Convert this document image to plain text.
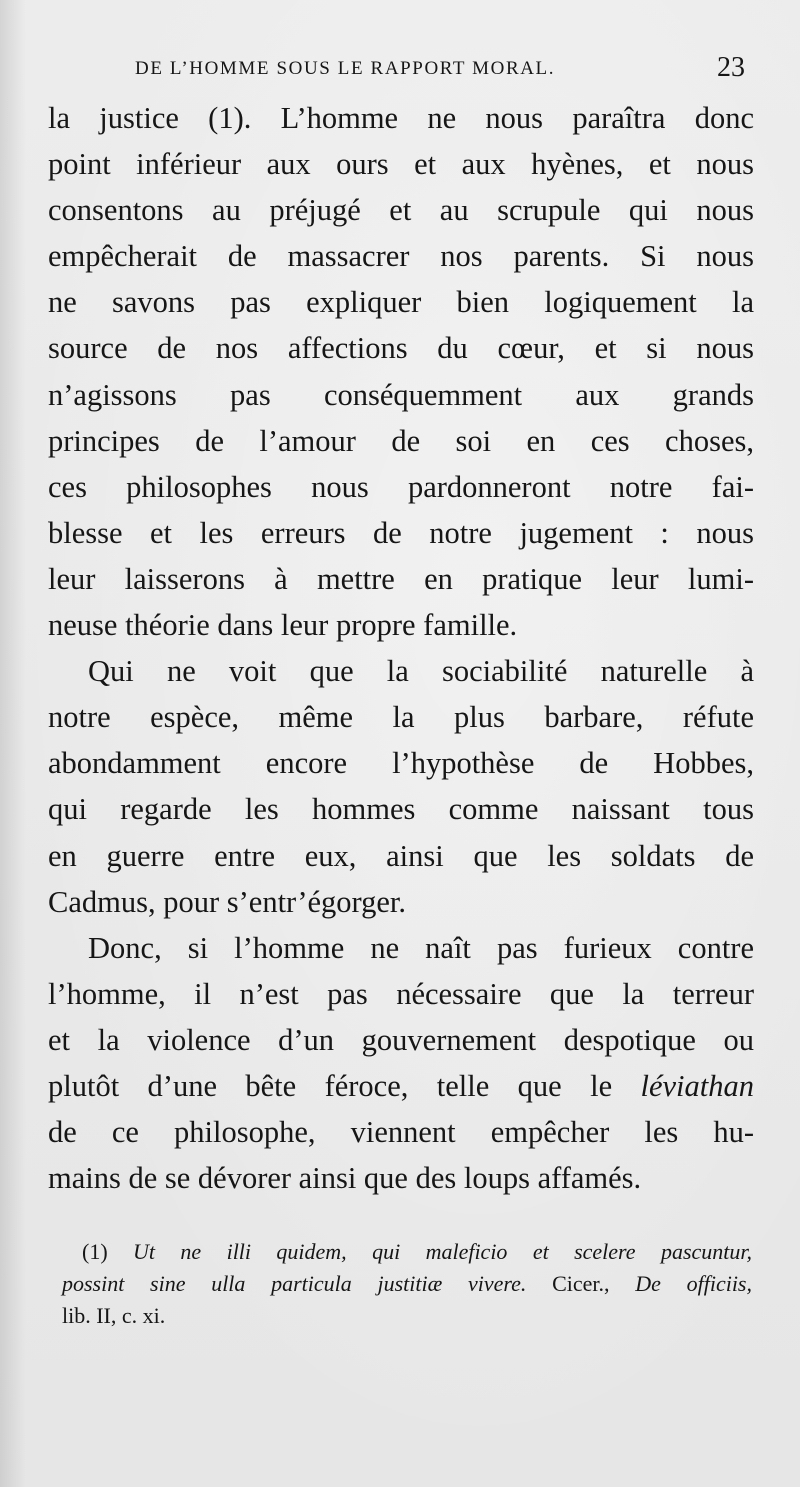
DE L’HOMME SOUS LE RAPPORT MORAL.	23
la justice (1). L’homme ne nous paraîtra donc
point inférieur aux ours et aux hyènes, et nous
consentons au préjugé et au scrupule qui nous
empêcherait de massacrer nos parents. Si nous
ne savons pas expliquer bien logiquement la
source de nos affections du cœur, et si nous
n’agissons pas conséquemment aux grands
principes de l’amour de soi en ces choses,
ces philosophes nous pardonneront notre fai-
blesse et les erreurs de notre jugement : nous
leur laisserons à mettre en pratique leur lumi-
neuse théorie dans leur propre famille.
Qui ne voit que la sociabilité naturelle à
notre espèce, même la plus barbare, réfute
abondamment encore l’hypothèse de Hobbes,
qui regarde les hommes comme naissant tous
en guerre entre eux, ainsi que les soldats de
Cadmus, pour s’entr’égorger.
Donc, si l’homme ne naît pas furieux contre
l’homme, il n’est pas nécessaire que la terreur
et la violence d’un gouvernement despotique ou
plutôt d’une bête féroce, telle que le léviathan
de ce philosophe, viennent empêcher les hu-
mains de se dévorer ainsi que des loups affamés.
(1) Ut ne illi quidem, qui maleficio et scelere pascuntur,
possint sine ulla particula justitiæ vivere. Cicer., De officiis,
lib. II, c. xi.
